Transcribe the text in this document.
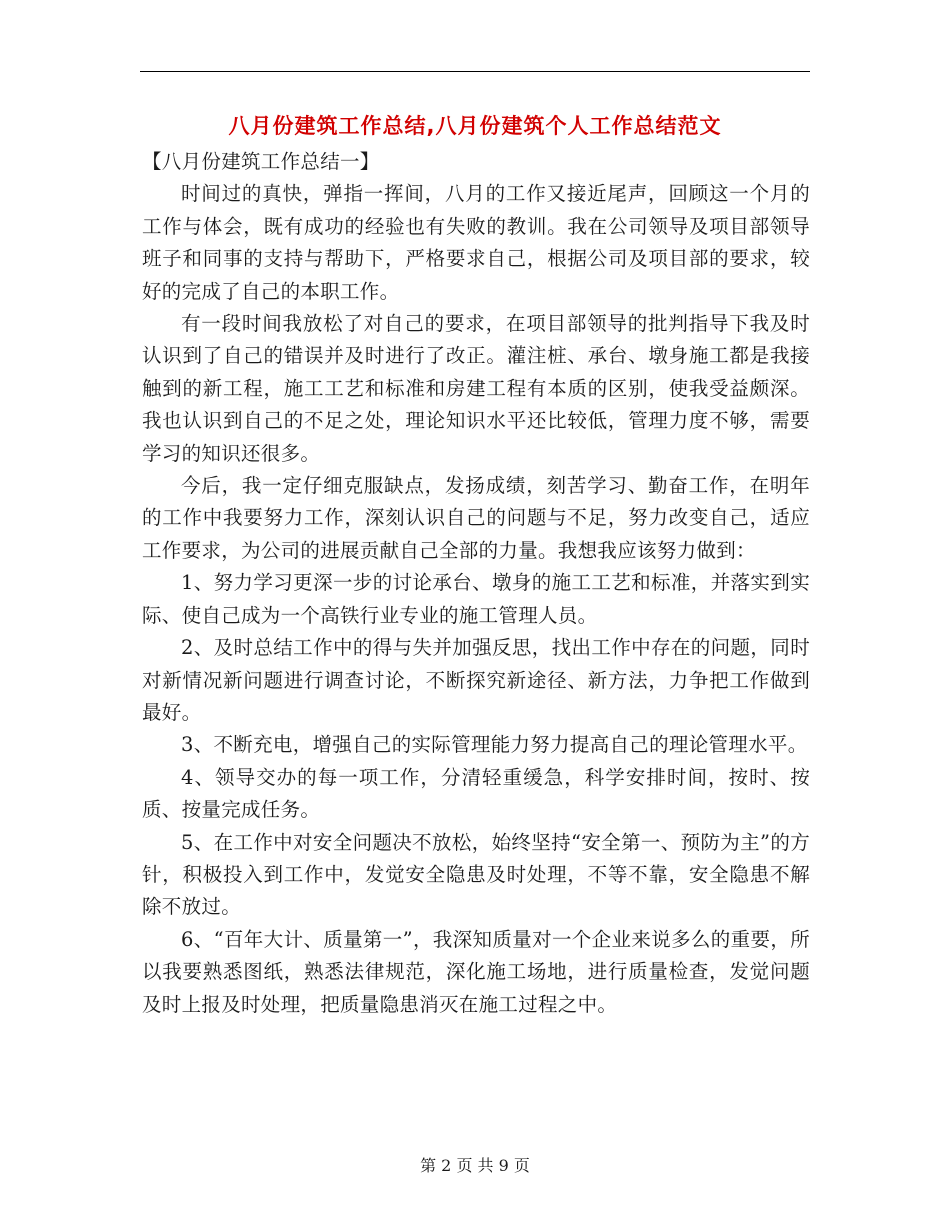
八月份建筑工作总结,八月份建筑个人工作总结范文

【八月份建筑工作总结一】

时间过的真快，弹指一挥间，八月的工作又接近尾声，回顾这一个月的工作与体会，既有成功的经验也有失败的教训。我在公司领导及项目部领导班子和同事的支持与帮助下，严格要求自己，根据公司及项目部的要求，较好的完成了自己的本职工作。

有一段时间我放松了对自己的要求，在项目部领导的批判指导下我及时认识到了自己的错误并及时进行了改正。灌注桩、承台、墩身施工都是我接触到的新工程，施工工艺和标准和房建工程有本质的区别，使我受益颇深。我也认识到自己的不足之处，理论知识水平还比较低，管理力度不够，需要学习的知识还很多。

今后，我一定仔细克服缺点，发扬成绩，刻苦学习、勤奋工作，在明年的工作中我要努力工作，深刻认识自己的问题与不足，努力改变自己，适应工作要求，为公司的进展贡献自己全部的力量。我想我应该努力做到：

1、努力学习更深一步的讨论承台、墩身的施工工艺和标准，并落实到实际、使自己成为一个高铁行业专业的施工管理人员。

2、及时总结工作中的得与失并加强反思，找出工作中存在的问题，同时对新情况新问题进行调查讨论，不断探究新途径、新方法，力争把工作做到最好。

3、不断充电，增强自己的实际管理能力努力提高自己的理论管理水平。

4、领导交办的每一项工作，分清轻重缓急，科学安排时间，按时、按质、按量完成任务。

5、在工作中对安全问题决不放松，始终坚持“安全第一、预防为主”的方针，积极投入到工作中，发觉安全隐患及时处理，不等不靠，安全隐患不解除不放过。

6、“百年大计、质量第一”，我深知质量对一个企业来说多么的重要，所以我要熟悉图纸，熟悉法律规范，深化施工场地，进行质量检查，发觉问题及时上报及时处理，把质量隐患消灭在施工过程之中。

第 2 页 共 9 页
